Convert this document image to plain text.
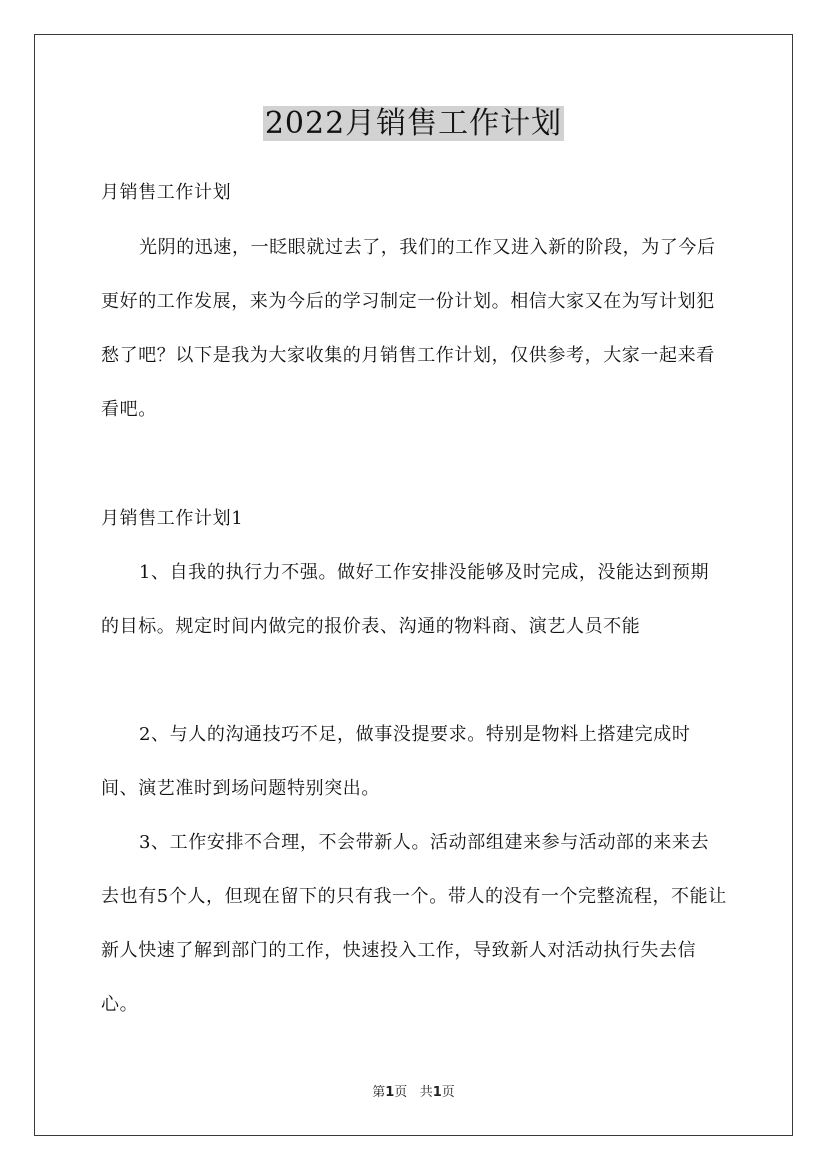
2022月销售工作计划

月销售工作计划

光阴的迅速，一眨眼就过去了，我们的工作又进入新的阶段，为了今后更好的工作发展，来为今后的学习制定一份计划。相信大家又在为写计划犯愁了吧？以下是我为大家收集的月销售工作计划，仅供参考，大家一起来看看吧。

月销售工作计划1

1、自我的执行力不强。做好工作安排没能够及时完成，没能达到预期的目标。规定时间内做完的报价表、沟通的物料商、演艺人员不能

2、与人的沟通技巧不足，做事没提要求。特别是物料上搭建完成时间、演艺准时到场问题特别突出。

3、工作安排不合理，不会带新人。活动部组建来参与活动部的来来去去也有5个人，但现在留下的只有我一个。带人的没有一个完整流程，不能让新人快速了解到部门的工作，快速投入工作，导致新人对活动执行失去信心。

第1页 共1页
